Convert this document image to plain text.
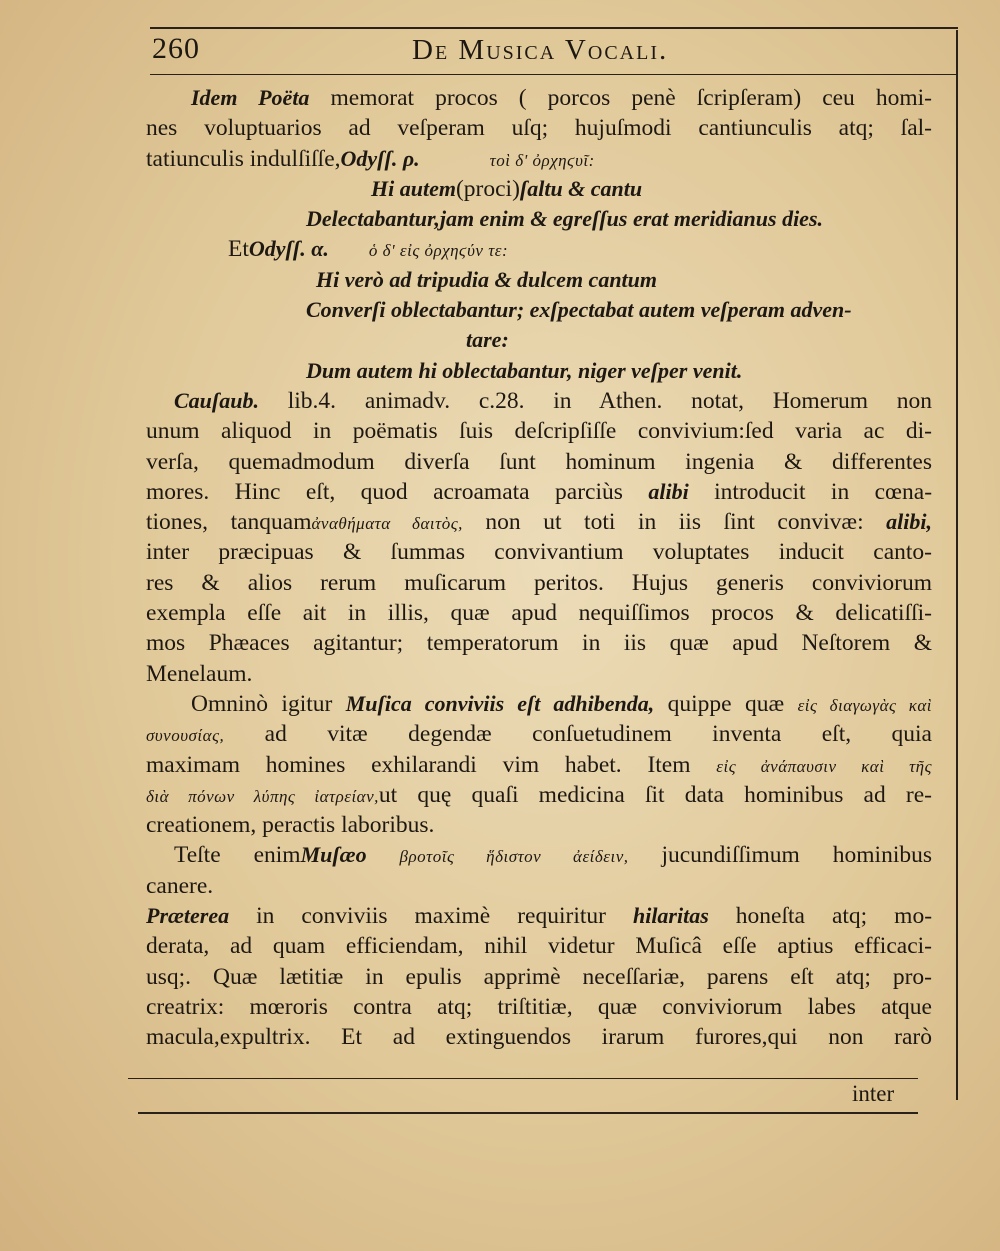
260	De Musica Vocali.
Idem Poëta memorat procos ( porcos penè ſcripſeram) ceu homi-
nes voluptuarios ad veſperam uſq; hujuſmodi cantiunculis atq; ſal-
tatiunculis indulſiſſe,Odyſſ. ρ.	τοὶ δ' ὀρχηϛυῖ:
Hi autem(proci)ſaltu & cantu
Delectabantur,jam enim & egreſſus erat meridianus dies.
EtOdyſſ. α. ὁ δ' εἰς ὀρχηϛύν τε:
Hi verò ad tripudia & dulcem cantum
Converſi oblectabantur; exſpectabat autem veſperam adven-
tare:
Dum autem hi oblectabantur, niger veſper venit.
Cauſaub. lib.4. animadv. c.28. in Athen. notat, Homerum non
unum aliquod in poëmatis ſuis deſcripſiſſe convivium:ſed varia ac di-
verſa, quemadmodum diverſa ſunt hominum ingenia & differentes
mores. Hinc eſt, quod acroamata parciùs alibi introducit in cœna-
tiones, tanquamἀναθήματα δαιτὸς, non ut toti in iis ſint convivæ: alibi,
inter præcipuas & ſummas convivantium voluptates inducit canto-
res & alios rerum muſicarum peritos. Hujus generis conviviorum
exempla eſſe ait in illis, quæ apud nequiſſimos procos & delicatiſſi-
mos Phæaces agitantur; temperatorum in iis quæ apud Neſtorem &
Menelaum.
Omninò igitur Muſica conviviis eſt adhibenda, quippe quæ εἰς διαγωγὰς καὶ
συνουσίας, ad vitæ degendæ conſuetudinem inventa eſt, quia
maximam homines exhilarandi vim habet. Item εἰς ἀνάπαυσιν καὶ τῆς
διὰ πόνων λύπης ἰατρείαν,ut quę quaſi medicina ſit data hominibus ad re-
creationem, peractis laboribus.
Teſte enimMuſæo βροτοῖς ἥδιστον ἀείδειν, jucundiſſimum hominibus
canere.
Præterea in conviviis maximè requiritur hilaritas honeſta atq; mo-
derata, ad quam efficiendam, nihil videtur Muſicâ eſſe aptius efficaci-
usq;. Quæ lætitiæ in epulis apprimè neceſſariæ, parens eſt atq; pro-
creatrix: mœroris contra atq; triſtitiæ, quæ conviviorum labes atque
macula,expultrix. Et ad extinguendos irarum furores,qui non rarò
inter
